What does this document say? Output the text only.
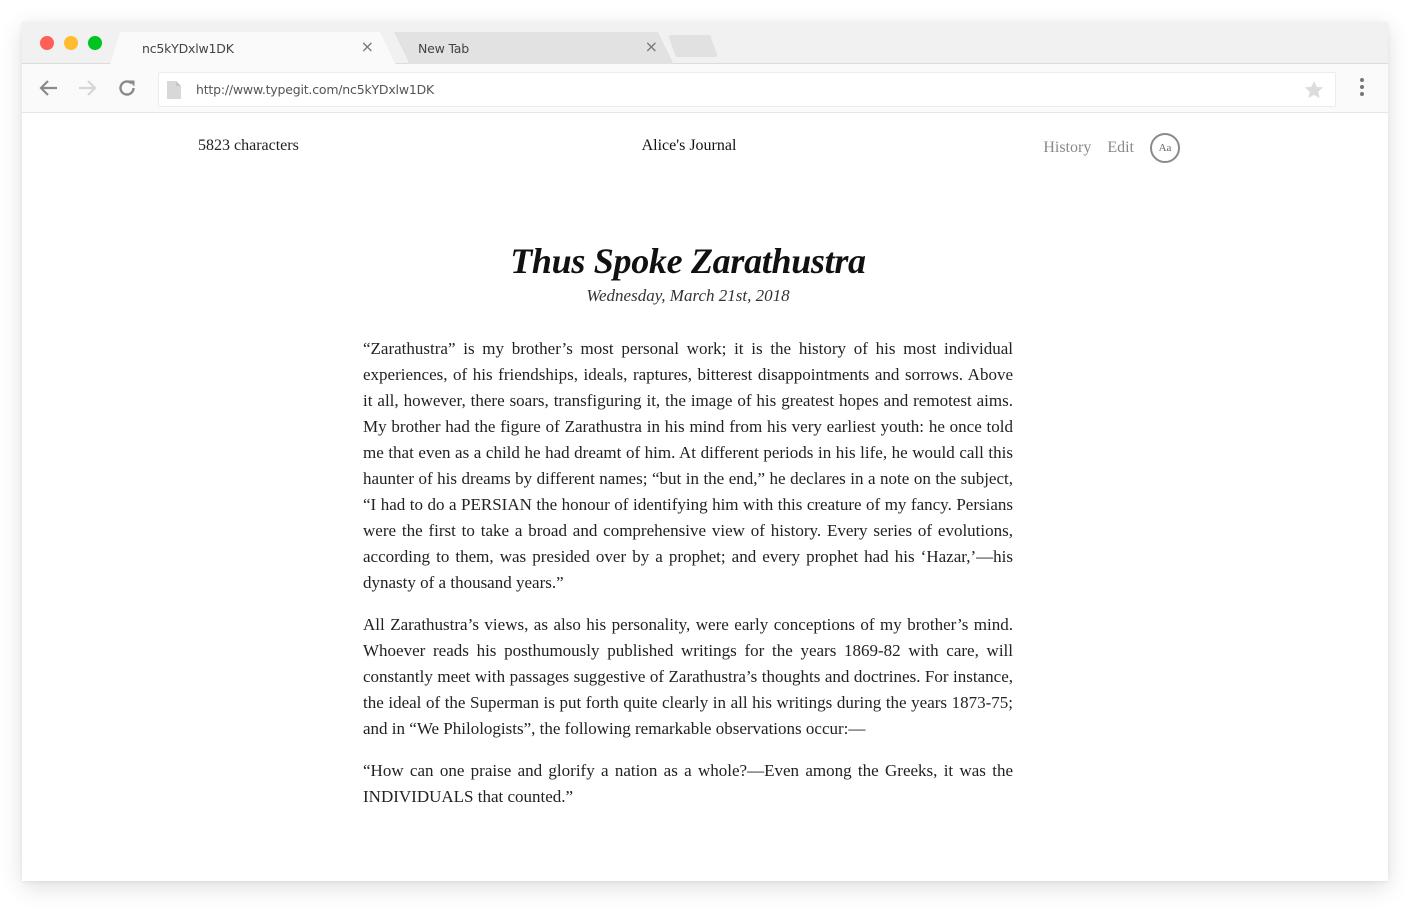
nc5kYDxlw1DK	×	New Tab	×
http://www.typegit.com/nc5kYDxlw1DK
5823 characters	Alice's Journal	History Edit Aa
Thus Spoke Zarathustra
Wednesday, March 21st, 2018

“Zarathustra” is my brother’s most personal work; it is the history of his most individual experiences, of his friendships, ideals, raptures, bitterest disappointments and sorrows. Above it all, however, there soars, transfiguring it, the image of his greatest hopes and remotest aims. My brother had the figure of Zarathustra in his mind from his very earliest youth: he once told me that even as a child he had dreamt of him. At different periods in his life, he would call this haunter of his dreams by different names; “but in the end,” he declares in a note on the subject, “I had to do a PERSIAN the honour of identifying him with this creature of my fancy. Persians were the first to take a broad and comprehensive view of history. Every series of evolutions, according to them, was presided over by a prophet; and every prophet had his ‘Hazar,’—his dynasty of a thousand years.”

All Zarathustra’s views, as also his personality, were early conceptions of my brother’s mind. Whoever reads his posthumously published writings for the years 1869-82 with care, will constantly meet with passages suggestive of Zarathustra’s thoughts and doctrines. For instance, the ideal of the Superman is put forth quite clearly in all his writings during the years 1873-75; and in “We Philologists”, the following remarkable observations occur:—

“How can one praise and glorify a nation as a whole?—Even among the Greeks, it was the INDIVIDUALS that counted.”
